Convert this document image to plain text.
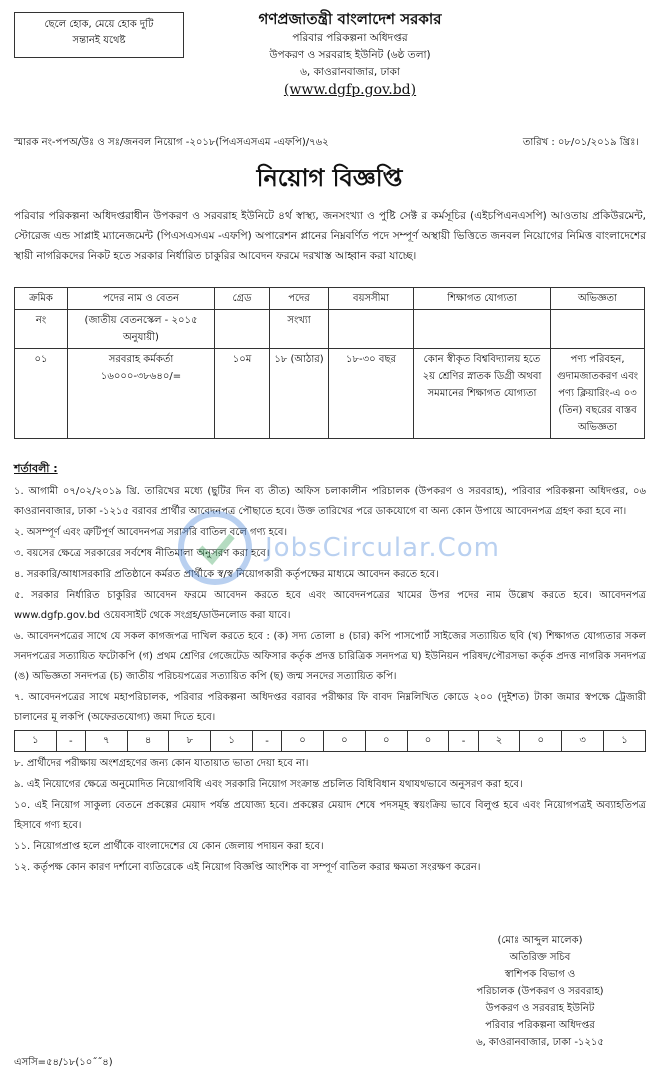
ছেলে হোক, মেয়ে হোক দুটি
সন্তানই যথেষ্ট
গণপ্রজাতন্ত্রী বাংলাদেশ সরকার
পরিবার পরিকল্পনা অধিদপ্তর
উপকরণ ও সরবরাহ ইউনিট (৬ষ্ঠ তলা)
৬, কাওরানবাজার, ঢাকা
(www.dgfp.gov.bd)
স্মারক নং-পপঅ/উঃ ও সঃ/জনবল নিয়োগ -২০১৮(পিএসএসএম -এফপি)/৭৬২	তারিখ : ০৮/০১/২০১৯ খ্রিঃ।
নিয়োগ বিজ্ঞপ্তি
পরিবার পরিকল্পনা অধিদপ্তরাধীন উপকরণ ও সরবরাহ ইউনিটে ৪র্থ স্বাস্থ্য, জনসংখ্যা ও পুষ্টি সেক্ট র কর্মসূচির (এইচপিএনএসপি) আওতায় প্রকিউরমেন্ট, স্টোরেজ এন্ড সাপ্লাই ম্যানেজমেন্ট (পিএসএসএম -এফপি) অপারেশন প্লানের নিম্নবর্ণিত পদে সম্পূর্ণ অস্থায়ী ভিত্তিতে জনবল নিয়োগের নিমিত্ত বাংলাদেশের স্থায়ী নাগরিকদের নিকট হতে সরকার নির্ধারিত চাকুরির আবেদন ফরমে দরখাস্ত আহ্বান করা যাচ্ছে।
ক্রমিক	পদের নাম ও বেতন	গ্রেড	পদের	বয়সসীমা	শিক্ষাগত যোগ্যতা	অভিজ্ঞতা
নং	(জাতীয় বেতনস্কেল - ২০১৫ অনুযায়ী)		সংখ্যা			
০১	সরবরাহ কর্মকর্তা ১৬০০০-৩৮৬৪০/=	১০ম	১৮ (আঠার)	১৮-৩০ বছর	কোন স্বীকৃত বিশ্ববিদ্যালয় হতে ২য় শ্রেণির স্নাতক ডিগ্রী অথবা সমমানের শিক্ষাগত যোগ্যতা	পণ্য পরিবহন, গুদামজাতকরণ এবং পণ্য ক্লিয়ারিং-এ ০৩ (তিন) বছরের বাস্তব অভিজ্ঞতা
শর্তাবলী :

১. আগামী ০৭/০২/২০১৯ খ্রি. তারিখের মধ্যে (ছুটির দিন ব্য তীত) অফিস চলাকালীন পরিচালক (উপকরণ ও সরবরাহ), পরিবার পরিকল্পনা অধিদপ্তর, ০৬ কাওরানবাজার, ঢাকা -১২১৫ বরাবর প্রার্থীর আবেদনপত্র পৌছাতে হবে। উক্ত তারিখের পরে ডাকযোগে বা অন্য কোন উপায়ে আবেদনপত্র গ্রহণ করা হবে না।

২. অসম্পূর্ণ এবং ত্রুটিপূর্ণ আবেদনপত্র সরাসরি বাতিল বলে গণ্য হবে।

৩. বয়সের ক্ষেত্রে সরকারের সর্বশেষ নীতিমালা অনুসরণ করা হবে।

৪. সরকারি/আধাসরকারি প্রতিষ্ঠানে কর্মরত প্রার্থীকে স্ব/স্ব নিয়োগকারী কর্তৃপক্ষের মাধ্যমে আবেদন করতে হবে।

৫. সরকার নির্ধারিত চাকুরির আবেদন ফরমে আবেদন করতে হবে এবং আবেদনপত্রের খামের উপর পদের নাম উল্লেখ করতে হবে। আবেদনপত্র www.dgfp.gov.bd ওয়েবসাইট থেকে সংগ্রহ/ডাউনলোড করা যাবে।

৬. আবেদনপত্রের সাথে যে সকল কাগজপত্র দাখিল করতে হবে : (ক) সদ্য তোলা ৪ (চার) কপি পাসপোর্ট সাইজের সত্যায়িত ছবি (খ) শিক্ষাগত যোগ্যতার সকল সনদপত্রের সত্যায়িত ফটোকপি (গ) প্রথম শ্রেণির গেজেটেড অফিসার কর্তৃক প্রদত্ত চারিত্রিক সনদপত্র ঘ) ইউনিয়ন পরিষদ/পৌরসভা কর্তৃক প্রদত্ত নাগরিক সনদপত্র (ঙ) অভিজ্ঞতা সনদপত্র (চ) জাতীয় পরিচয়পত্রের সত্যায়িত কপি (ছ) জন্ম সনদের সত্যায়িত কপি।

৭. আবেদনপত্রের সাথে মহাপরিচালক, পরিবার পরিকল্পনা অধিদপ্তর বরাবর পরীক্ষার ফি বাবদ নিম্নলিখিত কোডে ২০০ (দুইশত) টাকা জমার স্বপক্ষে ট্রেজারী চালানের মূ লকপি (অফেরতযোগ্য) জমা দিতে হবে।

১	-	৭	৪	৮	১	-	০	০	০	০	-	২	০	৩	১

৮. প্রার্থীদের পরীক্ষায় অংশগ্রহণের জন্য কোন যাতায়াত ভাতা দেয়া হবে না।

৯. এই নিয়োগের ক্ষেত্রে অনুমোদিত নিয়োগবিধি এবং সরকারি নিয়োগ সংক্রান্ত প্রচলিত বিধিবিধান যথাযথভাবে অনুসরণ করা হবে।

১০. এই নিয়োগ সাকুল্য বেতনে প্রকল্পের মেয়াদ পর্যন্ত প্রযোজ্য হবে। প্রকল্পের মেয়াদ শেষে পদসমূহ স্বয়ংক্রিয় ভাবে বিলুপ্ত হবে এবং নিয়োগপত্রই অব্যাহতিপত্র হিসাবে গণ্য হবে।

১১. নিয়োগপ্রাপ্ত হলে প্রার্থীকে বাংলাদেশের যে কোন জেলায় পদায়ন করা হবে।

১২. কর্তৃপক্ষ কোন কারণ দর্শানো ব্যতিরেকে এই নিয়োগ বিজ্ঞপ্তি আংশিক বা সম্পূর্ণ বাতিল করার ক্ষমতা সংরক্ষণ করেন।

JobsCircular.Com
(মোঃ আব্দুল মালেক)
অতিরিক্ত সচিব
স্বাশিপক বিভাগ ও
পরিচালক (উপকরণ ও সরবরাহ)
উপকরণ ও সরবরাহ ইউনিট
পরিবার পরিকল্পনা অধিদপ্তর
৬, কাওরানবাজার, ঢাকা -১২১৫
এসসি=৫৪/১৮(১০˝˝৪)
